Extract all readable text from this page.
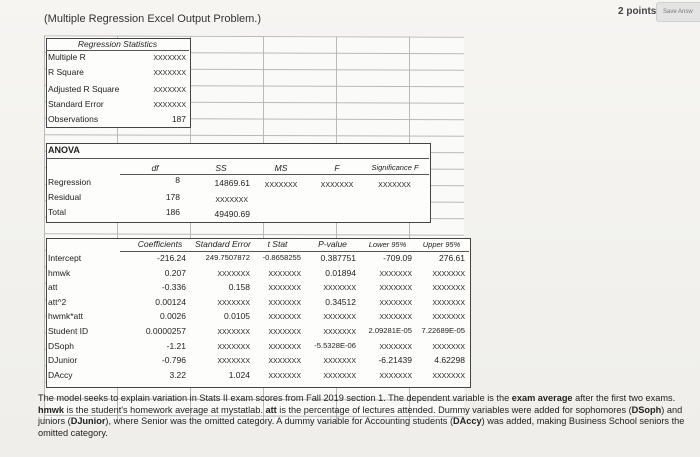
(Multiple Regression Excel Output Problem.)
2 points	Save Answ
Regression Statistics
Multiple R	XXXXXXX
R Square	XXXXXXX
Adjusted R Square	XXXXXXX
Standard Error	XXXXXXX
Observations	187
ANOVA
df	SS	MS	F	Significance F
Regression	8	14869.61	XXXXXXX	XXXXXXX	XXXXXXX
Residual	178	XXXXXXX
Total	186	49490.69
Coefficients	Standard Error	t Stat	P-value	Lower 95%	Upper 95%
Intercept	-216.24	249.7507872	-0.8658255	0.387751	-709.09	276.61
hmwk	0.207	XXXXXXX	XXXXXXX	0.01894	XXXXXXX	XXXXXXX
att	-0.336	0.158	XXXXXXX	XXXXXXX	XXXXXXX	XXXXXXX
att^2	0.00124	XXXXXXX	XXXXXXX	0.34512	XXXXXXX	XXXXXXX
hwmk*att	0.0026	0.0105	XXXXXXX	XXXXXXX	XXXXXXX	XXXXXXX
Student ID	0.0000257	XXXXXXX	XXXXXXX	XXXXXXX	2.09281E-05	7.22689E-05
DSoph	-1.21	XXXXXXX	XXXXXXX	-5.5328E-06	XXXXXXX	XXXXXXX
DJunior	-0.796	XXXXXXX	XXXXXXX	XXXXXXX	-6.21439	4.62298
DAccy	3.22	1.024	XXXXXXX	XXXXXXX	XXXXXXX	XXXXXXX
The model seeks to explain variation in Stats II exam scores from Fall 2019 section 1. The dependent variable is the exam average after the first two exams. hmwk is the student's homework average at mystatlab. att is the percentage of lectures attended. Dummy variables were added for sophomores (DSoph) and juniors (DJunior), where Senior was the omitted category. A dummy variable for Accounting students (DAccy) was added, making Business School seniors the omitted category.
